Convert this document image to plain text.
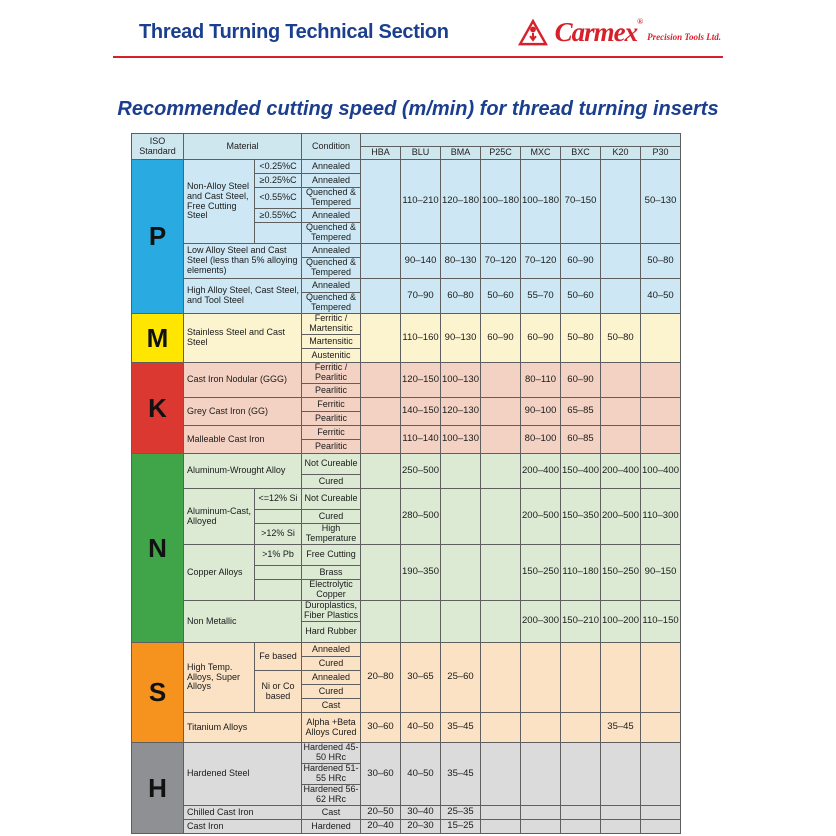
Thread Turning Technical Section	Carmex®
Precision Tools Ltd.
Recommended cutting speed (m/min) for thread turning inserts
ISO Standard	Material		Condition								
				HBA	BLU	BMA	P25C	MXC	BXC	K20	P30
P	Non-Alloy Steel and Cast Steel, Free Cutting Steel	<0.25%C	Annealed		110–210	120–180	100–180	100–180	70–150		50–130
		≥0.25%C	Annealed								
		<0.55%C	Quenched & Tempered								
		≥0.55%C	Annealed								
			Quenched & Tempered								
	Low Alloy Steel and Cast Steel (less than 5% alloying elements)		Annealed		90–140	80–130	70–120	70–120	60–90		50–80
			Quenched & Tempered								
	High Alloy Steel, Cast Steel, and Tool Steel		Annealed		70–90	60–80	50–60	55–70	50–60		40–50
			Quenched & Tempered								
M	Stainless Steel and Cast Steel		Ferritic / Martensitic		110–160	90–130	60–90	60–90	50–80	50–80	
			Martensitic								
			Austenitic								
K	Cast Iron Nodular (GGG)		Ferritic / Pearlitic		120–150	100–130		80–110	60–90		
			Pearlitic								
	Grey Cast Iron (GG)		Ferritic		140–150	120–130		90–100	65–85		
			Pearlitic								
	Malleable Cast Iron		Ferritic		110–140	100–130		80–100	60–85		
			Pearlitic								
N	Aluminum-Wrought Alloy		Not Cureable		250–500			200–400	150–400	200–400	100–400
			Cured								
	Aluminum-Cast, Alloyed	<=12% Si	Not Cureable		280–500			200–500	150–350	200–500	110–300
			Cured								
		>12% Si	High Temperature								
	Copper Alloys	>1% Pb	Free Cutting		190–350			150–250	110–180	150–250	90–150
			Brass								
			Electrolytic Copper								
	Non Metallic		Duroplastics, Fiber Plastics					200–300	150–210	100–200	110–150
			Hard Rubber								
S	High Temp. Alloys, Super Alloys	Fe based	Annealed	20–80	30–65	25–60					
			Cured								
		Ni or Co based	Annealed								
			Cured								
			Cast								
	Titanium Alloys		Alpha +Beta Alloys Cured	30–60	40–50	35–45				35–45	
H	Hardened Steel		Hardened 45-50 HRc	30–60	40–50	35–45					
			Hardened 51-55 HRc								
			Hardened 56-62 HRc								
	Chilled Cast Iron		Cast	20–50	30–40	25–35					
	Cast Iron		Hardened	20–40	20–30	15–25					
